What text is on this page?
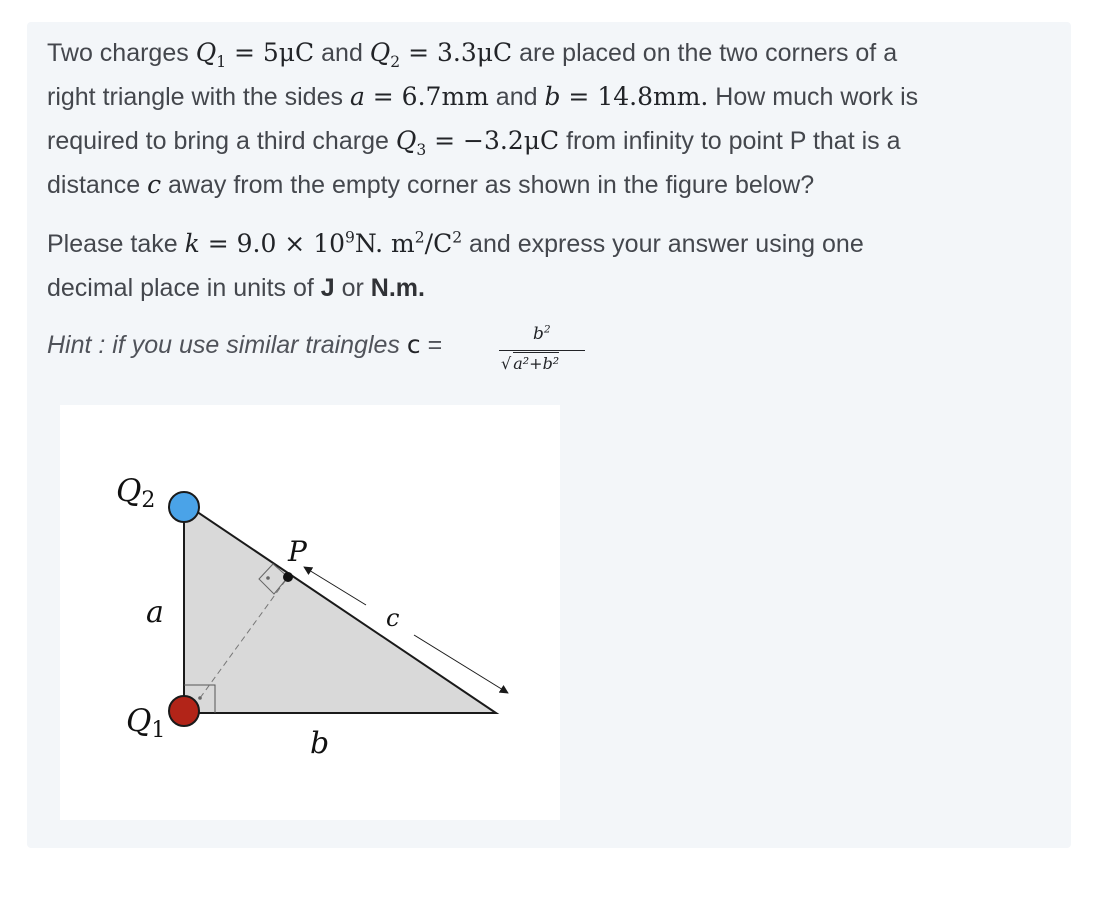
Two charges $Q_1 = 5\mu C$ and $Q_2 = 3.3\mu C$ are placed on the two corners of a
right triangle with the sides a = 6.7mm and b = 14.8mm. How much work is
required to bring a third charge $Q_3 = -3.2\mu C$ from infinity to point P that is a
distance c away from the empty corner as shown in the figure below?
Please take $k = 9.0 \times 10^9N$. $m^2/C^2$ and express your answer using one
decimal place in units of J or N.m.
Hint : if you use similar traingles c =	$b^2$
√ a²+b²
Q2
Q1
a
b
c
P
